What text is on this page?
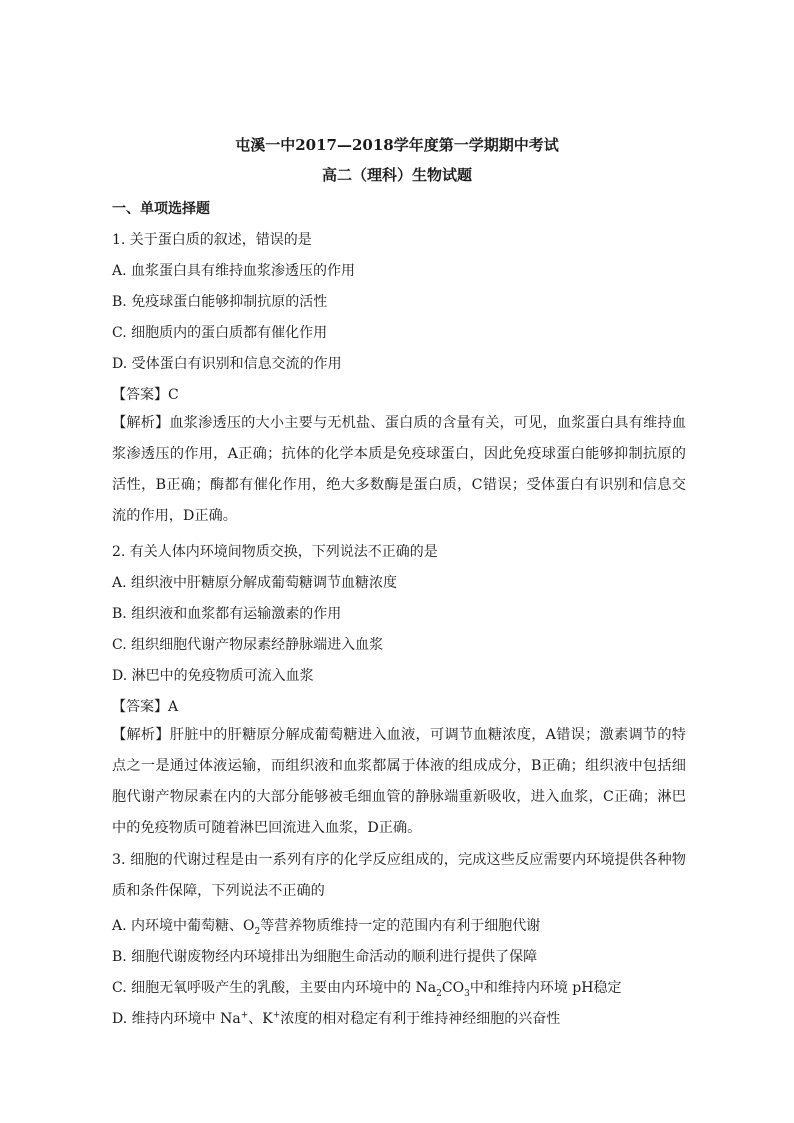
屯溪一中2017—2018学年度第一学期期中考试
高二（理科）生物试题
一、单项选择题
1. 关于蛋白质的叙述，错误的是
A. 血浆蛋白具有维持血浆渗透压的作用
B. 免疫球蛋白能够抑制抗原的活性
C. 细胞质内的蛋白质都有催化作用
D. 受体蛋白有识别和信息交流的作用
【答案】C
【解析】血浆渗透压的大小主要与无机盐、蛋白质的含量有关，可见，血浆蛋白具有维持血浆渗透压的作用，A正确；抗体的化学本质是免疫球蛋白，因此免疫球蛋白能够抑制抗原的活性，B正确；酶都有催化作用，绝大多数酶是蛋白质，C错误；受体蛋白有识别和信息交流的作用，D正确。
2. 有关人体内环境间物质交换，下列说法不正确的是
A. 组织液中肝糖原分解成葡萄糖调节血糖浓度
B. 组织液和血浆都有运输激素的作用
C. 组织细胞代谢产物尿素经静脉端进入血浆
D. 淋巴中的免疫物质可流入血浆
【答案】A
【解析】肝脏中的肝糖原分解成葡萄糖进入血液，可调节血糖浓度，A错误；激素调节的特点之一是通过体液运输，而组织液和血浆都属于体液的组成成分，B正确；组织液中包括细胞代谢产物尿素在内的大部分能够被毛细血管的静脉端重新吸收，进入血浆，C正确；淋巴中的免疫物质可随着淋巴回流进入血浆，D正确。
3. 细胞的代谢过程是由一系列有序的化学反应组成的，完成这些反应需要内环境提供各种物质和条件保障，下列说法不正确的
A. 内环境中葡萄糖、$O_2$等营养物质维持一定的范围内有利于细胞代谢
B. 细胞代谢废物经内环境排出为细胞生命活动的顺利进行提供了保障
C. 细胞无氧呼吸产生的乳酸，主要由内环境中的 $Na_2CO_3$中和维持内环境 pH稳定
D. 维持内环境中 Na+、K+浓度的相对稳定有利于维持神经细胞的兴奋性
